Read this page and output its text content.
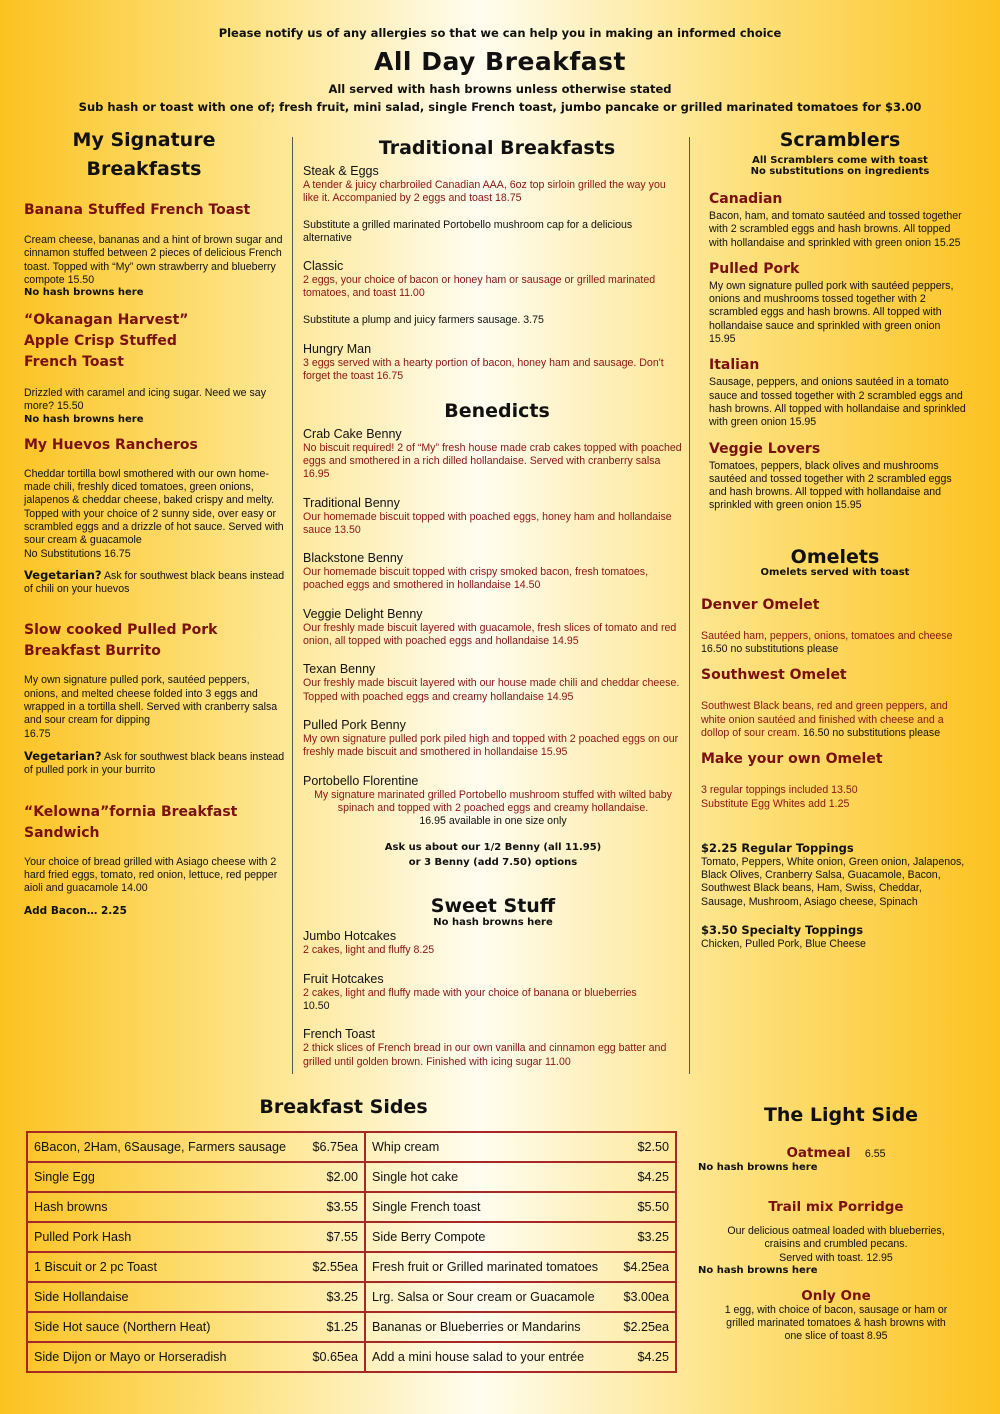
Please notify us of any allergies so that we can help you in making an informed choice
All Day Breakfast
All served with hash browns unless otherwise stated
Sub hash or toast with one of; fresh fruit, mini salad, single French toast, jumbo pancake or grilled marinated tomatoes for $3.00
My Signature
Breakfasts
Banana Stuffed French Toast
Cream cheese, bananas and a hint of brown sugar and cinnamon stuffed between 2 pieces of delicious French toast. Topped with “My” own strawberry and blueberry compote 15.50
No hash browns here
“Okanagan Harvest”
Apple Crisp Stuffed
French Toast
Drizzled with caramel and icing sugar. Need we say more? 15.50
No hash browns here
My Huevos Rancheros
Cheddar tortilla bowl smothered with our own home-made chili, freshly diced tomatoes, green onions, jalapenos & cheddar cheese, baked crispy and melty. Topped with your choice of 2 sunny side, over easy or scrambled eggs and a drizzle of hot sauce. Served with sour cream & guacamole
No Substitutions 16.75
Vegetarian? Ask for southwest black beans instead of chili on your huevos
Slow cooked Pulled Pork
Breakfast Burrito
My own signature pulled pork, sautéed peppers, onions, and melted cheese folded into 3 eggs and wrapped in a tortilla shell. Served with cranberry salsa and sour cream for dipping
16.75
Vegetarian? Ask for southwest black beans instead of pulled pork in your burrito
“Kelowna”fornia Breakfast
Sandwich
Your choice of bread grilled with Asiago cheese with 2 hard fried eggs, tomato, red onion, lettuce, red pepper aioli and guacamole 14.00
Add Bacon… 2.25
Traditional Breakfasts
Steak & Eggs
A tender & juicy charbroiled Canadian AAA, 6oz top sirloin grilled the way you like it. Accompanied by 2 eggs and toast 18.75
Substitute a grilled marinated Portobello mushroom cap for a delicious alternative
Classic
2 eggs, your choice of bacon or honey ham or sausage or grilled marinated tomatoes, and toast 11.00
Substitute a plump and juicy farmers sausage. 3.75
Hungry Man
3 eggs served with a hearty portion of bacon, honey ham and sausage. Don't forget the toast 16.75
Benedicts
Crab Cake Benny
No biscuit required! 2 of “My” fresh house made crab cakes topped with poached eggs and smothered in a rich dilled hollandaise. Served with cranberry salsa 16.95
Traditional Benny
Our homemade biscuit topped with poached eggs, honey ham and hollandaise sauce 13.50
Blackstone Benny
Our homemade biscuit topped with crispy smoked bacon, fresh tomatoes, poached eggs and smothered in hollandaise 14.50
Veggie Delight Benny
Our freshly made biscuit layered with guacamole, fresh slices of tomato and red onion, all topped with poached eggs and hollandaise 14.95
Texan Benny
Our freshly made biscuit layered with our house made chili and cheddar cheese. Topped with poached eggs and creamy hollandaise 14.95
Pulled Pork Benny
My own signature pulled pork piled high and topped with 2 poached eggs on our freshly made biscuit and smothered in hollandaise 15.95
Portobello Florentine
My signature marinated grilled Portobello mushroom stuffed with wilted baby spinach and topped with 2 poached eggs and creamy hollandaise.
16.95 available in one size only
Ask us about our 1/2 Benny (all 11.95)
or 3 Benny (add 7.50) options
Sweet Stuff
No hash browns here
Jumbo Hotcakes
2 cakes, light and fluffy 8.25
Fruit Hotcakes
2 cakes, light and fluffy made with your choice of banana or blueberries
10.50
French Toast
2 thick slices of French bread in our own vanilla and cinnamon egg batter and grilled until golden brown. Finished with icing sugar 11.00
Scramblers
All Scramblers come with toast
No substitutions on ingredients
Canadian
Bacon, ham, and tomato sautéed and tossed together with 2 scrambled eggs and hash browns. All topped with hollandaise and sprinkled with green onion 15.25
Pulled Pork
My own signature pulled pork with sautéed peppers, onions and mushrooms tossed together with 2 scrambled eggs and hash browns. All topped with hollandaise sauce and sprinkled with green onion 15.95
Italian
Sausage, peppers, and onions sautéed in a tomato sauce and tossed together with 2 scrambled eggs and hash browns. All topped with hollandaise and sprinkled with green onion 15.95
Veggie Lovers
Tomatoes, peppers, black olives and mushrooms sautéed and tossed together with 2 scrambled eggs and hash browns. All topped with hollandaise and sprinkled with green onion 15.95
Omelets
Omelets served with toast
Denver Omelet
Sautéed ham, peppers, onions, tomatoes and cheese
16.50 no substitutions please
Southwest Omelet
Southwest Black beans, red and green peppers, and white onion sautéed and finished with cheese and a dollop of sour cream. 16.50 no substitutions please
Make your own Omelet
3 regular toppings included 13.50
Substitute Egg Whites add 1.25
$2.25 Regular Toppings
Tomato, Peppers, White onion, Green onion, Jalapenos, Black Olives, Cranberry Salsa, Guacamole, Bacon, Southwest Black beans, Ham, Swiss, Cheddar, Sausage, Mushroom, Asiago cheese, Spinach
$3.50 Specialty Toppings
Chicken, Pulled Pork, Blue Cheese
Breakfast Sides
6Bacon, 2Ham, 6Sausage, Farmers sausage $6.75ea	Whip cream $2.50

Single Egg $2.00	Single hot cake $4.25

Hash browns $3.55	Single French toast $5.50

Pulled Pork Hash $7.55	Side Berry Compote $3.25

1 Biscuit or 2 pc Toast $2.55ea	Fresh fruit or Grilled marinated tomatoes $4.25ea

Side Hollandaise $3.25	Lrg. Salsa or Sour cream or Guacamole $3.00ea

Side Hot sauce (Northern Heat) $1.25	Bananas or Blueberries or Mandarins $2.25ea

Side Dijon or Mayo or Horseradish $0.65ea	Add a mini house salad to your entrée $4.25
The Light Side
Oatmeal 6.55
No hash browns here
Trail mix Porridge
Our delicious oatmeal loaded with blueberries,
craisins and crumbled pecans.
Served with toast. 12.95
No hash browns here
Only One
1 egg, with choice of bacon, sausage or ham or
grilled marinated tomatoes & hash browns with
one slice of toast 8.95
